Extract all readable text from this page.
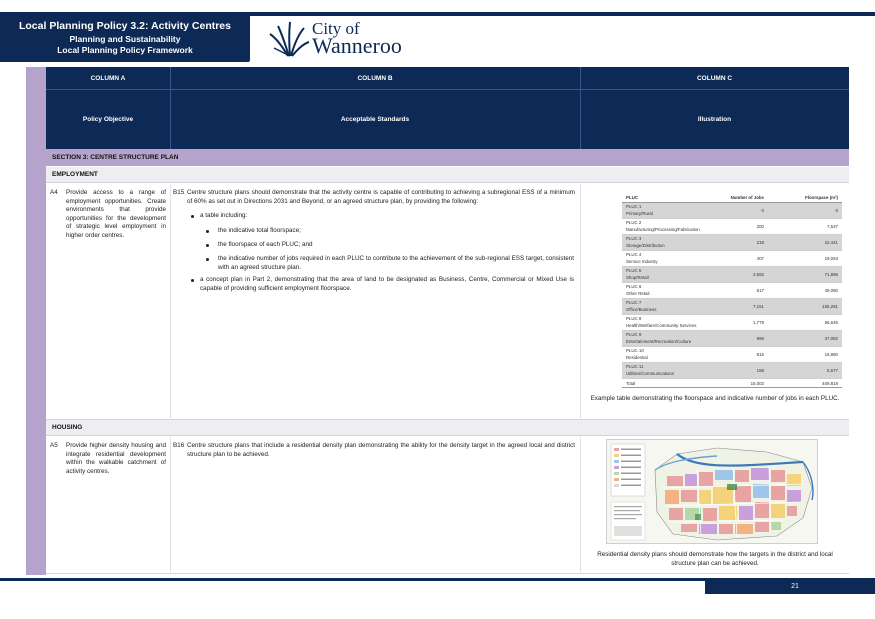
Local Planning Policy 3.2: Activity Centres
Planning and Sustainability
Local Planning Policy Framework
City of
Wanneroo
COLUMN A	COLUMN B	COLUMN C
Policy Objective	Acceptable Standards	Illustration
SECTION 3: CENTRE STRUCTURE PLAN
EMPLOYMENT
A4 Provide access to a range of employment opportunities. Create environments that provide opportunities for the development of strategic level employment in higher order centres.
B15 Centre structure plans should demonstrate that the activity centre is capable of contributing to achieving a subregional ESS of a minimum of 60% as set out in Directions 2031 and Beyond, or an agreed structure plan, by providing the following:
a table including:
the indicative total floorspace;
the floorspace of each PLUC; and
the indicative number of jobs required in each PLUC to contribute to the achievement of the sub-regional ESS target, consistent with an agreed structure plan.
a concept plan in Part 2, demonstrating that the area of land to be designated as Business, Centre, Commercial or Mixed Use is capable of providing sufficient employment floorspace.
PLUC	Number of Jobs	Floorspace (m²)
PLUC 1
Primary/Rural
0	0
PLUC 2
Manufacturing/Processing/Fabrication
200	7,537
PLUC 3
Storage/Distribution
218	22,441
PLUC 4
Service Industry
407	19,053
PLUC 5
Shop/Retail
2,592	71,896
PLUC 6
Other Retail
617	49,080
PLUC 7
Office/Business
7,151	155,281
PLUC 8
Health/Welfare/Community Services
1,779	56,645
PLUC 9
Entertainment/Recreation/Culture
996	37,082
PLUC 10
Residential
816	15,880
PLUC 11
Utilities/Communications
158	5,677
Total	15,002	409,818
Example table demonstrating the floorspace and indicative number of jobs in each PLUC.
HOUSING
A5 Provide higher density housing and integrate residential development within the walkable catchment of activity centres.
B16 Centre structure plans that include a residential density plan demonstrating the ability for the density target in the agreed local and district structure plan to be achieved.
Residential density plans should demonstrate how the targets in the district and local structure plan can be achieved.
21
